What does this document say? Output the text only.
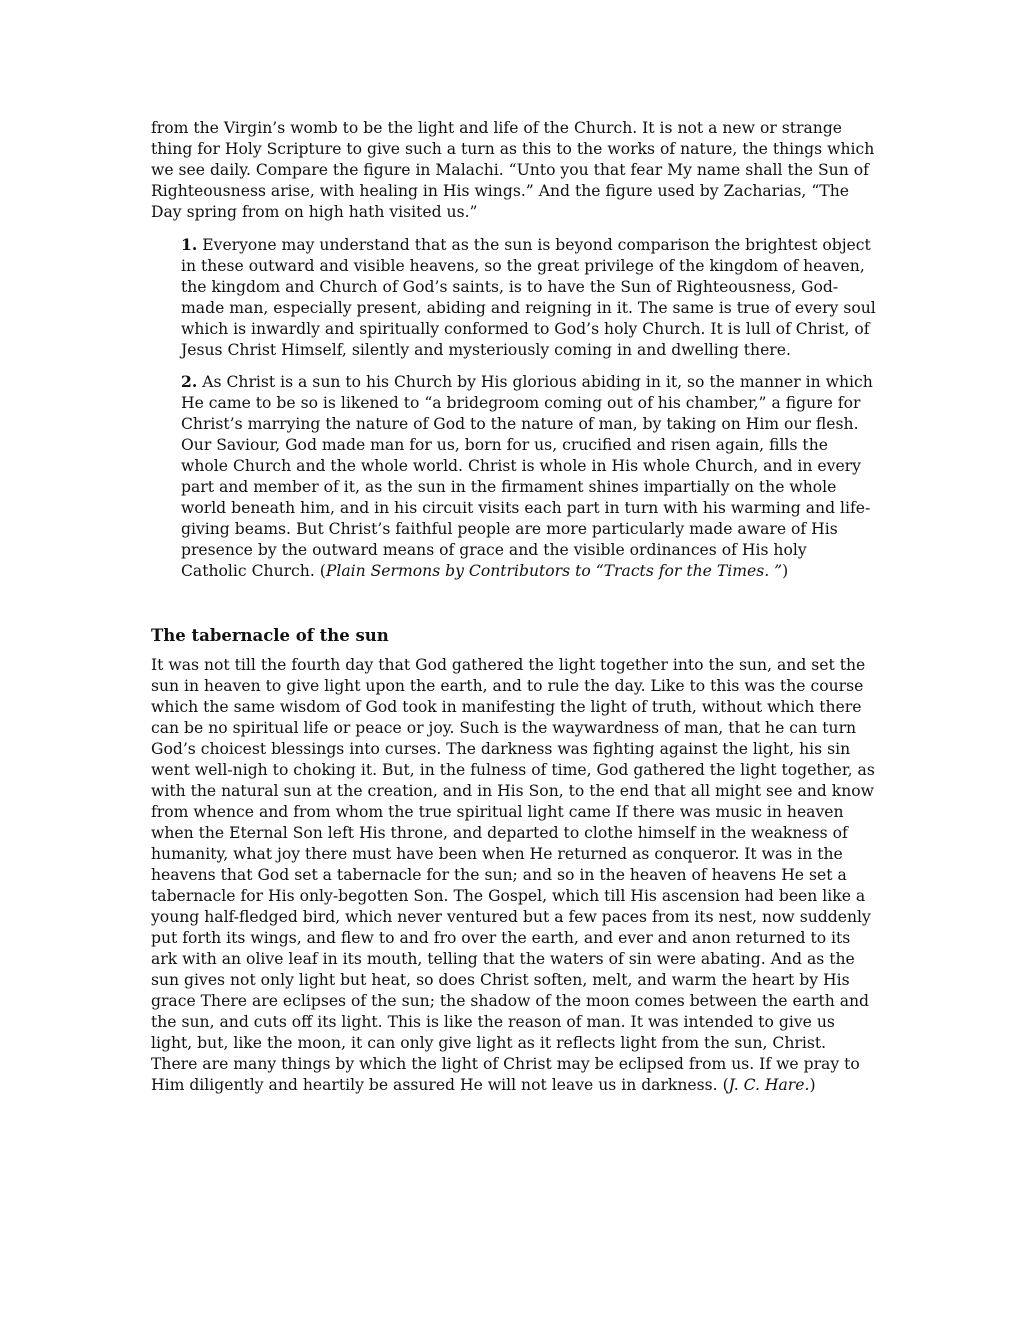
from the Virgin’s womb to be the light and life of the Church. It is not a new or strange thing for Holy Scripture to give such a turn as this to the works of nature, the things which we see daily. Compare the figure in Malachi. “Unto you that fear My name shall the Sun of Righteousness arise, with healing in His wings.” And the figure used by Zacharias, “The Day spring from on high hath visited us.”

1. Everyone may understand that as the sun is beyond comparison the brightest object in these outward and visible heavens, so the great privilege of the kingdom of heaven, the kingdom and Church of God’s saints, is to have the Sun of Righteousness, God-made man, especially present, abiding and reigning in it. The same is true of every soul which is inwardly and spiritually conformed to God’s holy Church. It is lull of Christ, of Jesus Christ Himself, silently and mysteriously coming in and dwelling there.

2. As Christ is a sun to his Church by His glorious abiding in it, so the manner in which He came to be so is likened to “a bridegroom coming out of his chamber,” a figure for Christ’s marrying the nature of God to the nature of man, by taking on Him our flesh. Our Saviour, God made man for us, born for us, crucified and risen again, fills the whole Church and the whole world. Christ is whole in His whole Church, and in every part and member of it, as the sun in the firmament shines impartially on the whole world beneath him, and in his circuit visits each part in turn with his warming and life-giving beams. But Christ’s faithful people are more particularly made aware of His presence by the outward means of grace and the visible ordinances of His holy Catholic Church. (Plain Sermons by Contributors to “Tracts for the Times. ”)

The tabernacle of the sun

It was not till the fourth day that God gathered the light together into the sun, and set the sun in heaven to give light upon the earth, and to rule the day. Like to this was the course which the same wisdom of God took in manifesting the light of truth, without which there can be no spiritual life or peace or joy. Such is the waywardness of man, that he can turn God’s choicest blessings into curses. The darkness was fighting against the light, his sin went well-nigh to choking it. But, in the fulness of time, God gathered the light together, as with the natural sun at the creation, and in His Son, to the end that all might see and know from whence and from whom the true spiritual light came If there was music in heaven when the Eternal Son left His throne, and departed to clothe himself in the weakness of humanity, what joy there must have been when He returned as conqueror. It was in the heavens that God set a tabernacle for the sun; and so in the heaven of heavens He set a tabernacle for His only-begotten Son. The Gospel, which till His ascension had been like a young half-fledged bird, which never ventured but a few paces from its nest, now suddenly put forth its wings, and flew to and fro over the earth, and ever and anon returned to its ark with an olive leaf in its mouth, telling that the waters of sin were abating. And as the sun gives not only light but heat, so does Christ soften, melt, and warm the heart by His grace There are eclipses of the sun; the shadow of the moon comes between the earth and the sun, and cuts off its light. This is like the reason of man. It was intended to give us light, but, like the moon, it can only give light as it reflects light from the sun, Christ. There are many things by which the light of Christ may be eclipsed from us. If we pray to Him diligently and heartily be assured He will not leave us in darkness. (J. C. Hare.)
